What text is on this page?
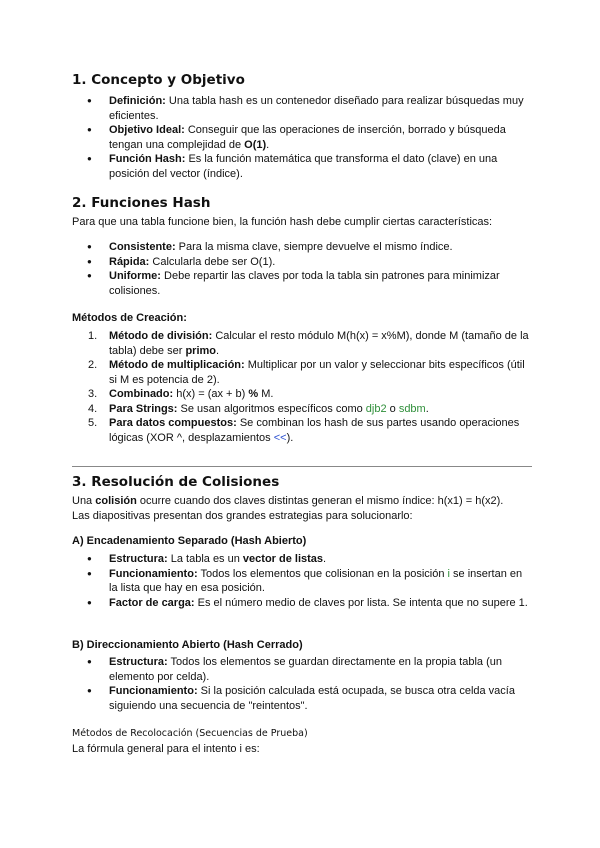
1. Concepto y Objetivo
● Definición: Una tabla hash es un contenedor diseñado para realizar búsquedas muy eficientes.
● Objetivo Ideal: Conseguir que las operaciones de inserción, borrado y búsqueda tengan una complejidad de O(1).
● Función Hash: Es la función matemática que transforma el dato (clave) en una posición del vector (índice).
2. Funciones Hash

Para que una tabla funcione bien, la función hash debe cumplir ciertas características:

● Consistente: Para la misma clave, siempre devuelve el mismo índice.
● Rápida: Calcularla debe ser O(1).
● Uniforme: Debe repartir las claves por toda la tabla sin patrones para minimizar colisiones.
Métodos de Creación:
1. Método de división: Calcular el resto módulo M(h(x) = x%M), donde M (tamaño de la tabla) debe ser primo.
2. Método de multiplicación: Multiplicar por un valor y seleccionar bits específicos (útil si M es potencia de 2).
3. Combinado: h(x) = (ax + b) % M.
4. Para Strings: Se usan algoritmos específicos como djb2 o sdbm.
5. Para datos compuestos: Se combinan los hash de sus partes usando operaciones lógicas (XOR ^, desplazamientos <<).
3. Resolución de Colisiones

Una colisión ocurre cuando dos claves distintas generan el mismo índice: h(x1) = h(x2).

Las diapositivas presentan dos grandes estrategias para solucionarlo:

A) Encadenamiento Separado (Hash Abierto)
● Estructura: La tabla es un vector de listas.
● Funcionamiento: Todos los elementos que colisionan en la posición i se insertan en la lista que hay en esa posición.
● Factor de carga: Es el número medio de claves por lista. Se intenta que no supere 1.
B) Direccionamiento Abierto (Hash Cerrado)
● Estructura: Todos los elementos se guardan directamente en la propia tabla (un elemento por celda).
● Funcionamiento: Si la posición calculada está ocupada, se busca otra celda vacía siguiendo una secuencia de "reintentos".

Métodos de Recolocación (Secuencias de Prueba)

La fórmula general para el intento i es:
